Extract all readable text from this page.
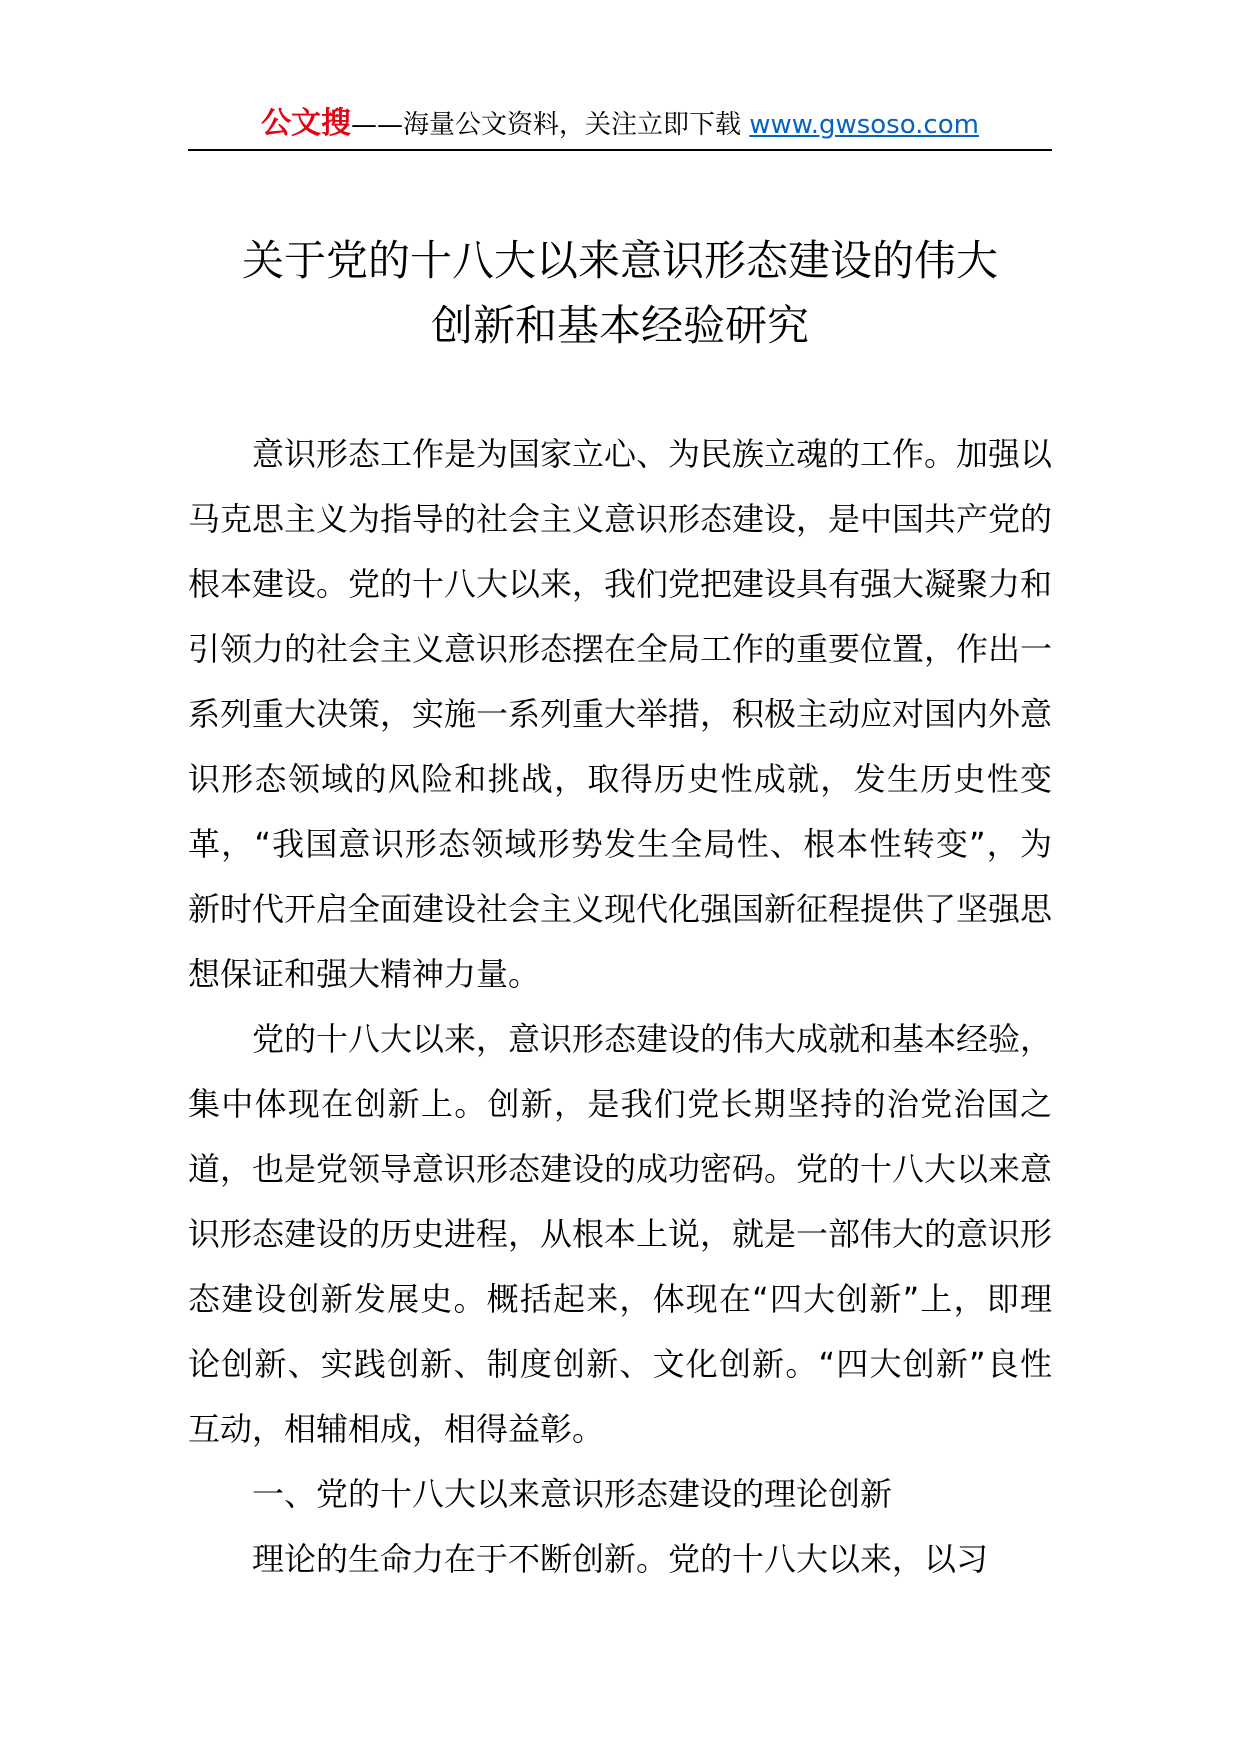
公文搜——海量公文资料，关注立即下载 www.gwsoso.com
关于党的十八大以来意识形态建设的伟大
创新和基本经验研究

意识形态工作是为国家立心、为民族立魂的工作。加强以马克思主义为指导的社会主义意识形态建设，是中国共产党的根本建设。党的十八大以来，我们党把建设具有强大凝聚力和引领力的社会主义意识形态摆在全局工作的重要位置，作出一系列重大决策，实施一系列重大举措，积极主动应对国内外意识形态领域的风险和挑战，取得历史性成就，发生历史性变革，“我国意识形态领域形势发生全局性、根本性转变”，为新时代开启全面建设社会主义现代化强国新征程提供了坚强思想保证和强大精神力量。

党的十八大以来，意识形态建设的伟大成就和基本经验，集中体现在创新上。创新，是我们党长期坚持的治党治国之道，也是党领导意识形态建设的成功密码。党的十八大以来意识形态建设的历史进程，从根本上说，就是一部伟大的意识形态建设创新发展史。概括起来，体现在“四大创新”上，即理论创新、实践创新、制度创新、文化创新。“四大创新”良性互动，相辅相成，相得益彰。

一、党的十八大以来意识形态建设的理论创新

理论的生命力在于不断创新。党的十八大以来，以习
